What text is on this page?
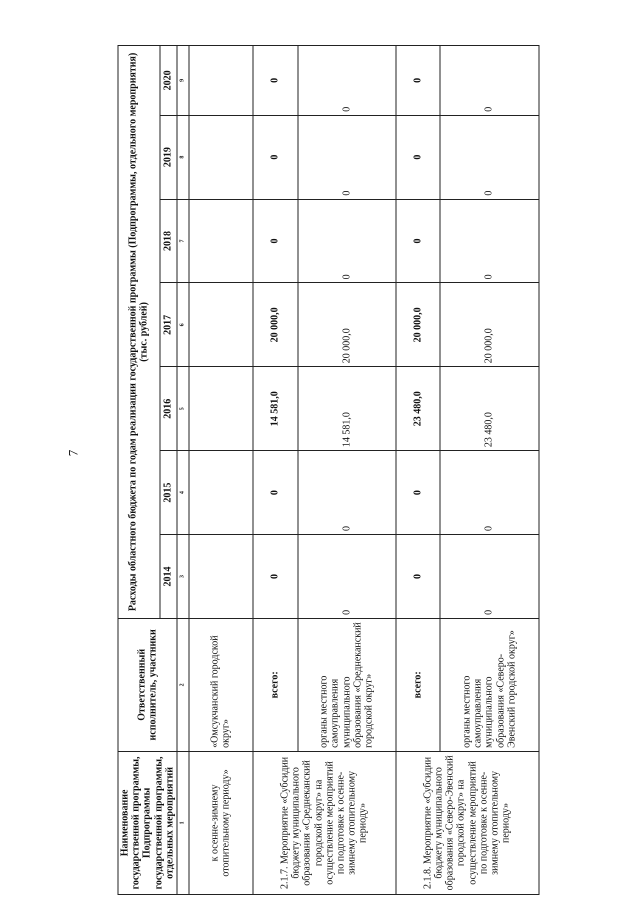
7
Наименование государственной программы, Подпрограммы государственной программы, отдельных мероприятий	Ответственный исполнитель, участники	Расходы областного бюджета по годам реализации государственной программы (Подпрограммы, отдельного мероприятия) (тыс. рублей)						
		2014	2015	2016	2017	2018	2019	2020
1	2	3	4	5	6	7	8	9
к осенне-зимнему отопительному периоду»	«Омсукчанский городской округ»							
2.1.7. Мероприятие «Субсидии бюджету муниципального образования «Среднеканский городской округ» на осуществление мероприятий по подготовке к осенне-зимнему отопительному периоду»	всего:	0	0	14 581,0	20 000,0	0	0	0
	органы местного самоуправления муниципального образования «Среднеканский городской округ»	0	0	14 581,0	20 000,0	0	0	0
2.1.8. Мероприятие «Субсидии бюджету муниципального образования «Северо-Эвенский городской округ» на осуществление мероприятий по подготовке к осенне-зимнему отопительному периоду»	всего:	0	0	23 480,0	20 000,0	0	0	0
	органы местного самоуправления муниципального образования «Северо-Эвенский городской округ»	0	0	23 480,0	20 000,0	0	0	0
